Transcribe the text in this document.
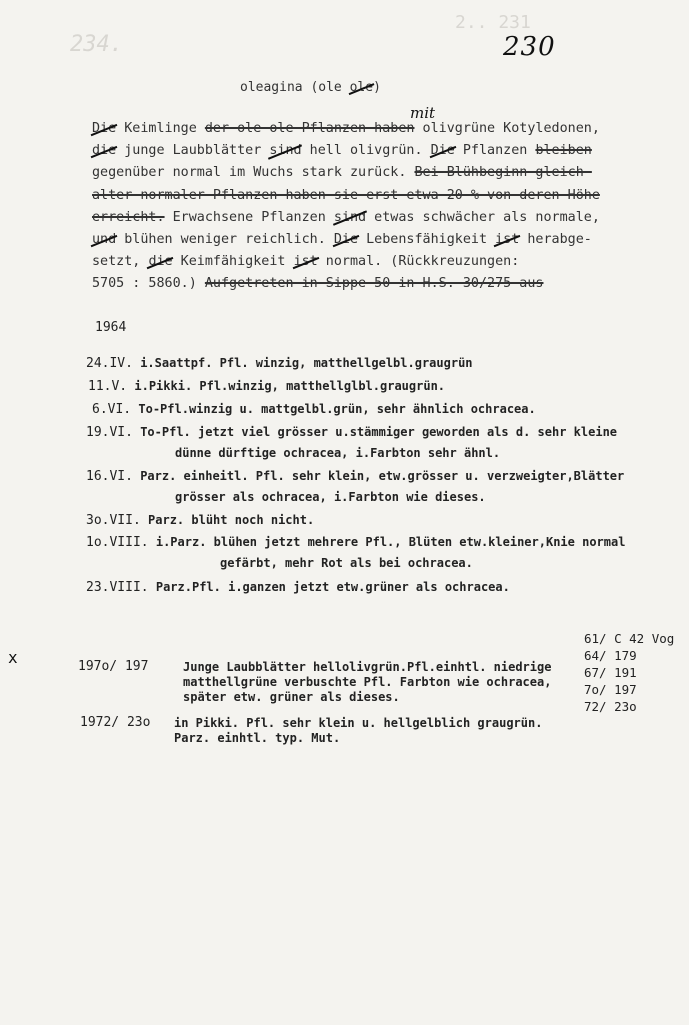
2.. 231
234.	230
mit
oleagina (ole ole)
Die Keimlinge der ole ole-Pflanzen haben olivgrüne Kotyledonen,
die junge Laubblätter sind hell olivgrün. Die Pflanzen bleiben
gegenüber normal im Wuchs stark zurück. Bei Blühbeginn gleich-
alter normaler Pflanzen haben sie erst etwa 20 % von deren Höhe
erreicht. Erwachsene Pflanzen sind etwas schwächer als normale,
und blühen weniger reichlich. Die Lebensfähigkeit ist herabge-
setzt, die Keimfähigkeit ist normal. (Rückkreuzungen:
5705 : 5860.) Aufgetreten in Sippe 50 in H.S. 30/275 aus
1964
24.IV. i.Saattpf. Pfl. winzig, matthellgelbl.graugrün
11.V. i.Pikki. Pfl.winzig, matthellglbl.graugrün.
6.VI. To-Pfl.winzig u. mattgelbl.grün, sehr ähnlich ochracea.
19.VI. To-Pfl. jetzt viel grösser u.stämmiger geworden als d. sehr kleine
dünne dürftige ochracea, i.Farbton sehr ähnl.
16.VI. Parz. einheitl. Pfl. sehr klein, etw.grösser u. verzweigter,Blätter
grösser als ochracea, i.Farbton wie dieses.
3o.VII. Parz. blüht noch nicht.
1o.VIII. i.Parz. blühen jetzt mehrere Pfl., Blüten etw.kleiner,Knie normal
gefärbt, mehr Rot als bei ochracea.
23.VIII. Parz.Pfl. i.ganzen jetzt etw.grüner als ochracea.
x
61/ C 42 Vog
64/ 179
67/ 191
7o/ 197
72/ 23o
197o/ 197	Junge Laubblätter hellolivgrün.Pfl.einhtl. niedrige
matthellgrüne verbuschte Pfl. Farbton wie ochracea,
später etw. grüner als dieses.
1972/ 23o in Pikki. Pfl. sehr klein u. hellgelblich graugrün.
Parz. einhtl. typ. Mut.
